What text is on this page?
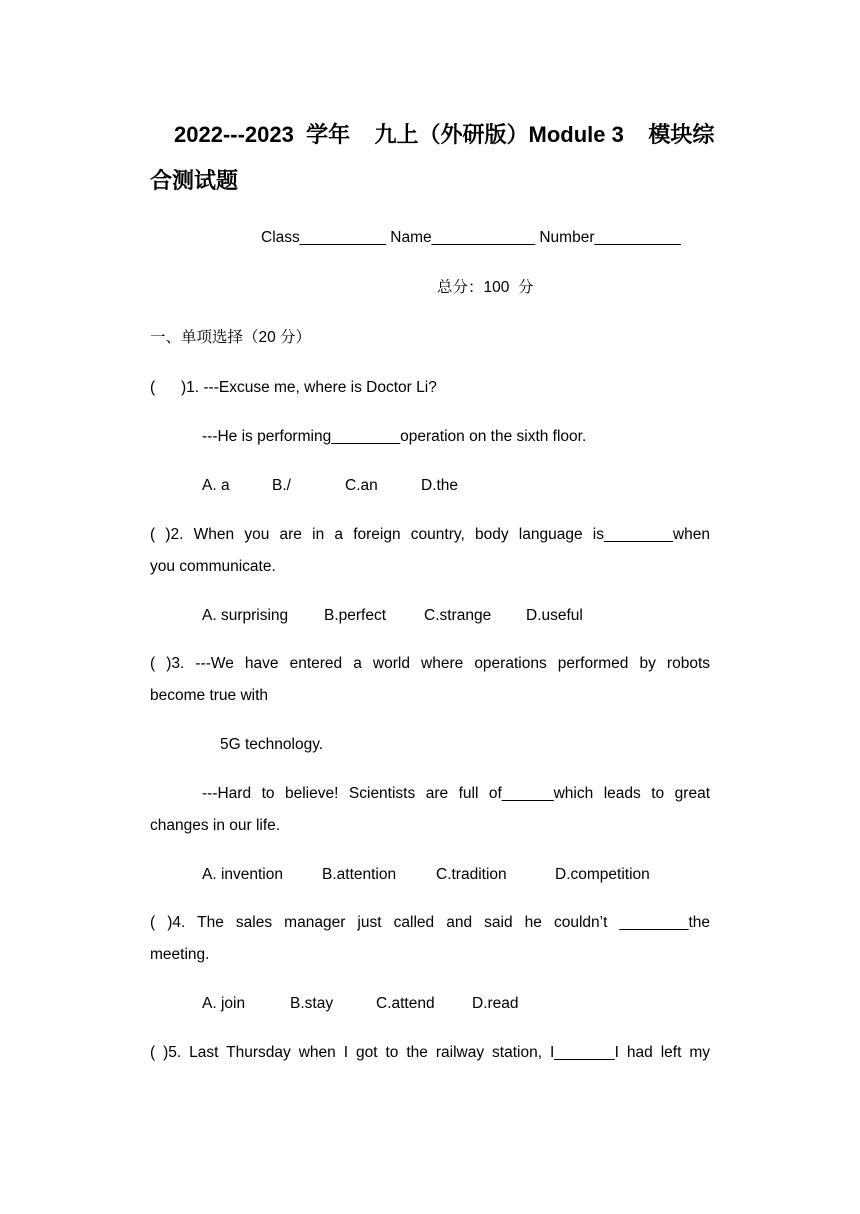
2022---2023  学年    九上（外研版）Module 3    模块综
合测试题
Class__________ Name____________ Number__________
总分：100  分
一、单项选择（20 分）
(      )1. ---Excuse me, where is Doctor Li?
---He is performing________operation on the sixth floor.
A. a	B./	C.an	D.the
( )2. When you are in a foreign country, body language is________when
you communicate.
A. surprising	B.perfect	C.strange	D.useful
( )3. ---We have entered a world where operations performed by robots
become true with
5G technology.
---Hard to believe! Scientists are full of______which leads to great
changes in our life.
A. invention	B.attention	C.tradition	D.competition
( )4. The sales manager just called and said he couldn’t ________the
meeting.
A. join	B.stay	C.attend	D.read
( )5. Last Thursday when I got to the railway station, I_______I had left my
